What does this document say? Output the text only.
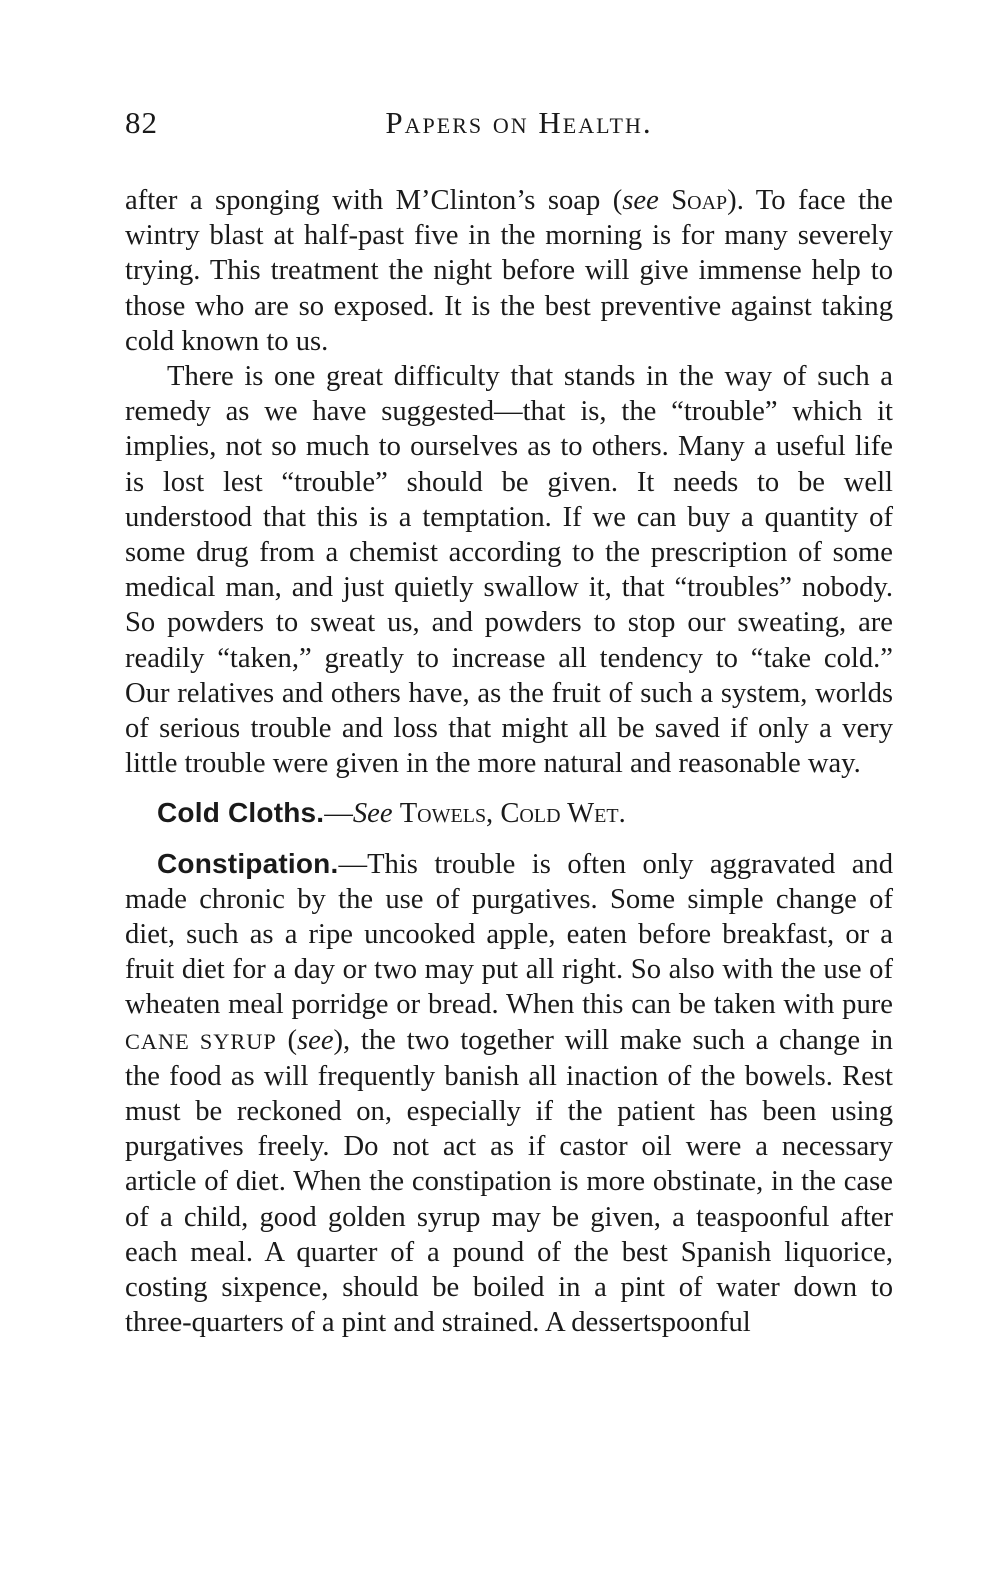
82	Papers on Health.

after a sponging with M’Clinton’s soap (see Soap). To face the wintry blast at half-past five in the morning is for many severely trying. This treatment the night before will give immense help to those who are so exposed. It is the best preventive against taking cold known to us.

There is one great difficulty that stands in the way of such a remedy as we have suggested—that is, the “trouble” which it implies, not so much to ourselves as to others. Many a useful life is lost lest “trouble” should be given. It needs to be well understood that this is a temptation. If we can buy a quantity of some drug from a chemist according to the prescription of some medical man, and just quietly swallow it, that “troubles” nobody. So powders to sweat us, and powders to stop our sweating, are readily “taken,” greatly to increase all tendency to “take cold.” Our relatives and others have, as the fruit of such a system, worlds of serious trouble and loss that might all be saved if only a very little trouble were given in the more natural and reasonable way.

Cold Cloths.—See Towels, Cold Wet.

Constipation.—This trouble is often only aggravated and made chronic by the use of purgatives. Some simple change of diet, such as a ripe uncooked apple, eaten before breakfast, or a fruit diet for a day or two may put all right. So also with the use of wheaten meal porridge or bread. When this can be taken with pure CANE SYRUP (see), the two together will make such a change in the food as will frequently banish all inaction of the bowels. Rest must be reckoned on, especially if the patient has been using purgatives freely. Do not act as if castor oil were a necessary article of diet. When the constipation is more obstinate, in the case of a child, good golden syrup may be given, a teaspoonful after each meal. A quarter of a pound of the best Spanish liquorice, costing sixpence, should be boiled in a pint of water down to three-quarters of a pint and strained. A dessertspoonful
